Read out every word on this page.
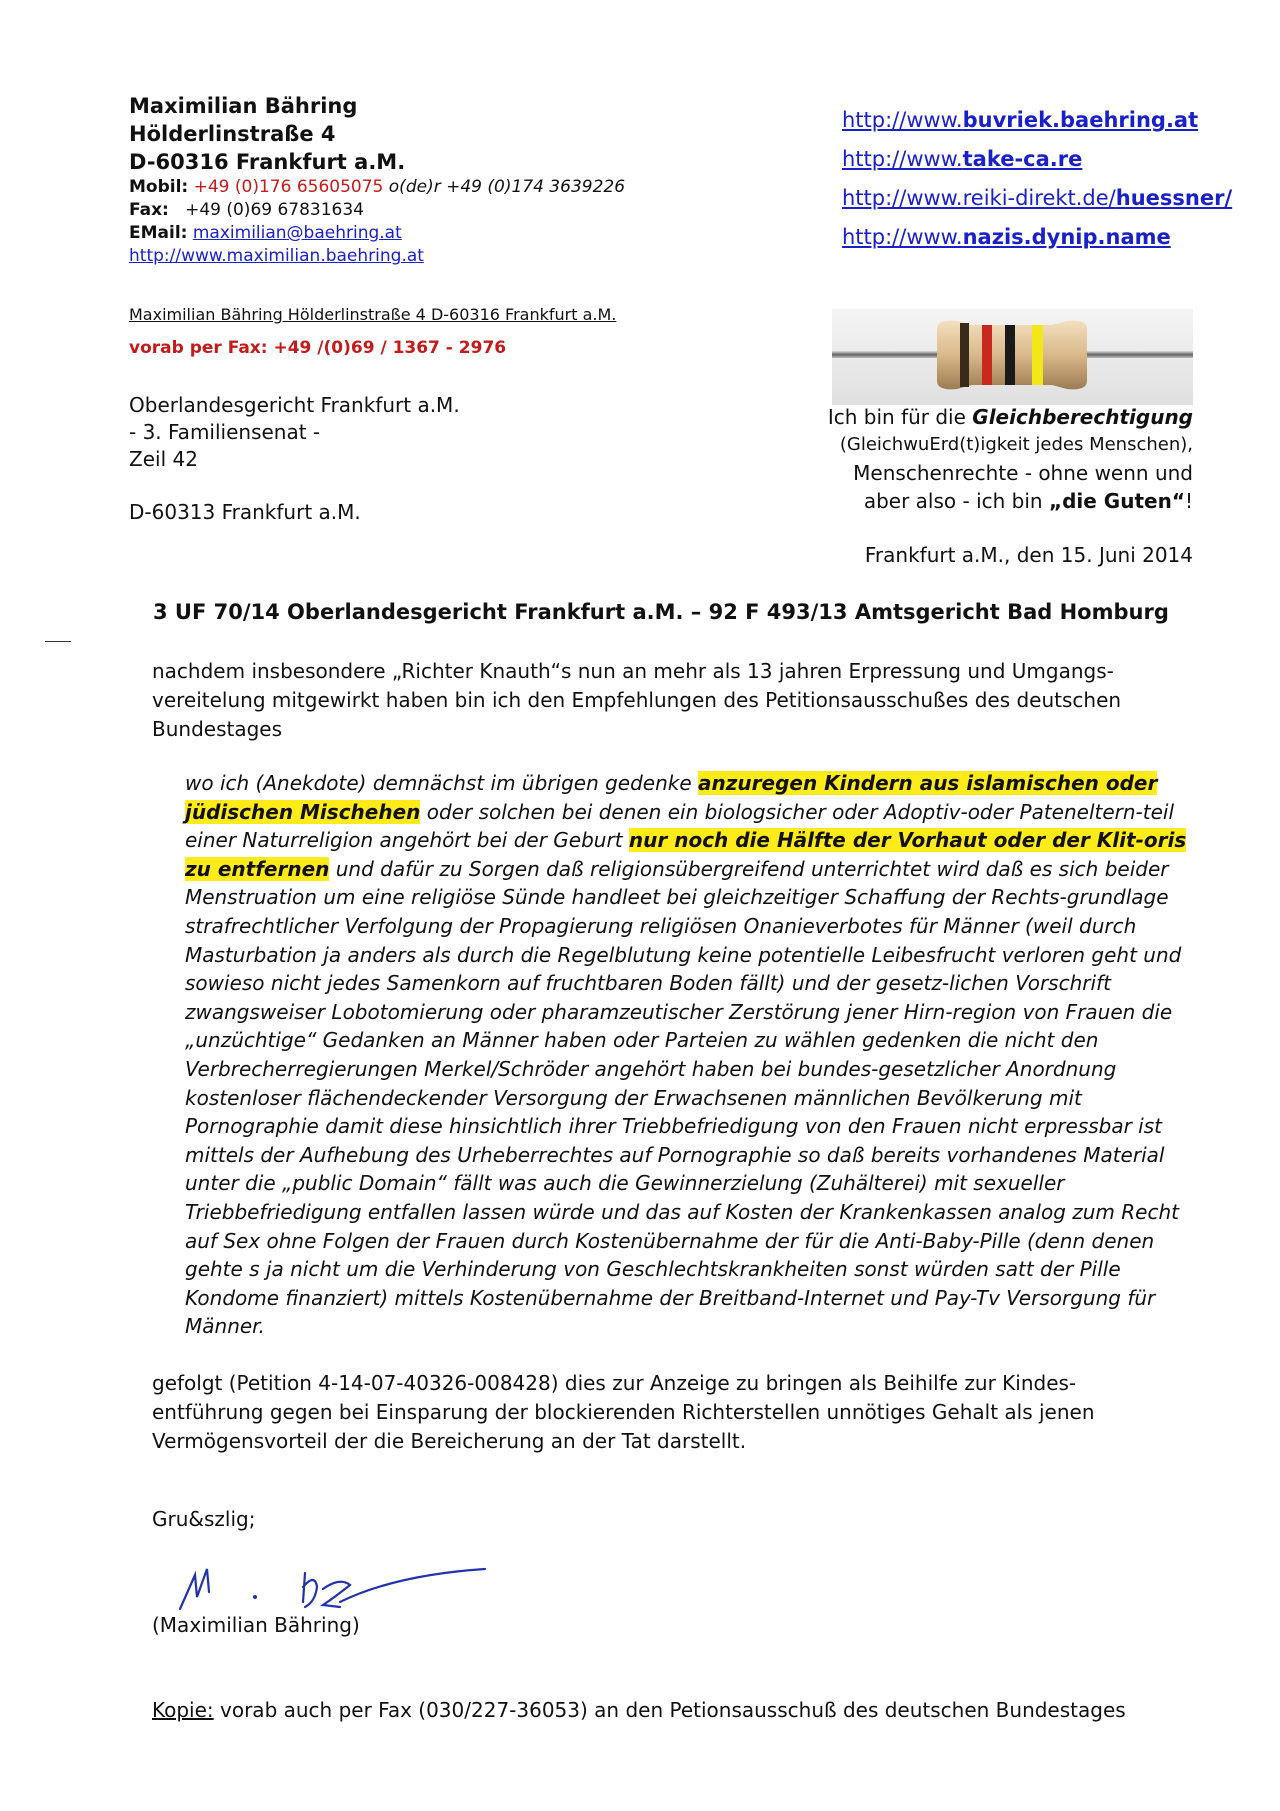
Maximilian Bähring
Hölderlinstraße 4
D-60316 Frankfurt a.M.
Mobil: +49 (0)176 65605075 o(de)r +49 (0)174 3639226
Fax: +49 (0)69 67831634
EMail: maximilian@baehring.at
http://www.maximilian.baehring.at
http://www.buvriek.baehring.at
http://www.take-ca.re
http://www.reiki-direkt.de/huessner/
http://www.nazis.dynip.name
Maximilian Bähring Hölderlinstraße 4 D-60316 Frankfurt a.M.
vorab per Fax: +49 /(0)69 / 1367 - 2976
Oberlandesgericht Frankfurt a.M.
- 3. Familiensenat -
Zeil 42
D-60313 Frankfurt a.M.
Ich bin für die Gleichberechtigung
(GleichwuErd(t)igkeit jedes Menschen),
Menschenrechte - ohne wenn und
aber also - ich bin „die Guten“!
Frankfurt a.M., den 15. Juni 2014
3 UF 70/14 Oberlandesgericht Frankfurt a.M. – 92 F 493/13 Amtsgericht Bad Homburg
nachdem insbesondere „Richter Knauth“s nun an mehr als 13 jahren Erpressung und Umgangs-vereitelung mitgewirkt haben bin ich den Empfehlungen des Petitionsausschußes des deutschen Bundestages
wo ich (Anekdote) demnächst im übrigen gedenke anzuregen Kindern aus islamischen oder jüdischen Mischehen oder solchen bei denen ein biologsicher oder Adoptiv-oder Pateneltern-teil einer Naturreligion angehört bei der Geburt nur noch die Hälfte der Vorhaut oder der Klit-oris zu entfernen und dafür zu Sorgen daß religionsübergreifend unterrichtet wird daß es sich beider Menstruation um eine religiöse Sünde handleet bei gleichzeitiger Schaffung der Rechts-grundlage strafrechtlicher Verfolgung der Propagierung religiösen Onanieverbotes für Männer (weil durch Masturbation ja anders als durch die Regelblutung keine potentielle Leibesfrucht verloren geht und sowieso nicht jedes Samenkorn auf fruchtbaren Boden fällt) und der gesetz-lichen Vorschrift zwangsweiser Lobotomierung oder pharamzeutischer Zerstörung jener Hirn-region von Frauen die „unzüchtige“ Gedanken an Männer haben oder Parteien zu wählen gedenken die nicht den Verbrecherregierungen Merkel/Schröder angehört haben bei bundes-gesetzlicher Anordnung kostenloser flächendeckender Versorgung der Erwachsenen männlichen Bevölkerung mit Pornographie damit diese hinsichtlich ihrer Triebbefriedigung von den Frauen nicht erpressbar ist mittels der Aufhebung des Urheberrechtes auf Pornographie so daß bereits vorhandenes Material unter die „public Domain“ fällt was auch die Gewinnerzielung (Zuhälterei) mit sexueller Triebbefriedigung entfallen lassen würde und das auf Kosten der Krankenkassen analog zum Recht auf Sex ohne Folgen der Frauen durch Kostenübernahme der für die Anti-Baby-Pille (denn denen gehte s ja nicht um die Verhinderung von Geschlechtskrankheiten sonst würden satt der Pille Kondome finanziert) mittels Kostenübernahme der Breitband-Internet und Pay-Tv Versorgung für Männer.
gefolgt (Petition 4-14-07-40326-008428) dies zur Anzeige zu bringen als Beihilfe zur Kindes-entführung gegen bei Einsparung der blockierenden Richterstellen unnötiges Gehalt als jenen Vermögensvorteil der die Bereicherung an der Tat darstellt.
Gru&szlig;
(Maximilian Bähring)
Kopie: vorab auch per Fax (030/227-36053) an den Petionsausschuß des deutschen Bundestages
